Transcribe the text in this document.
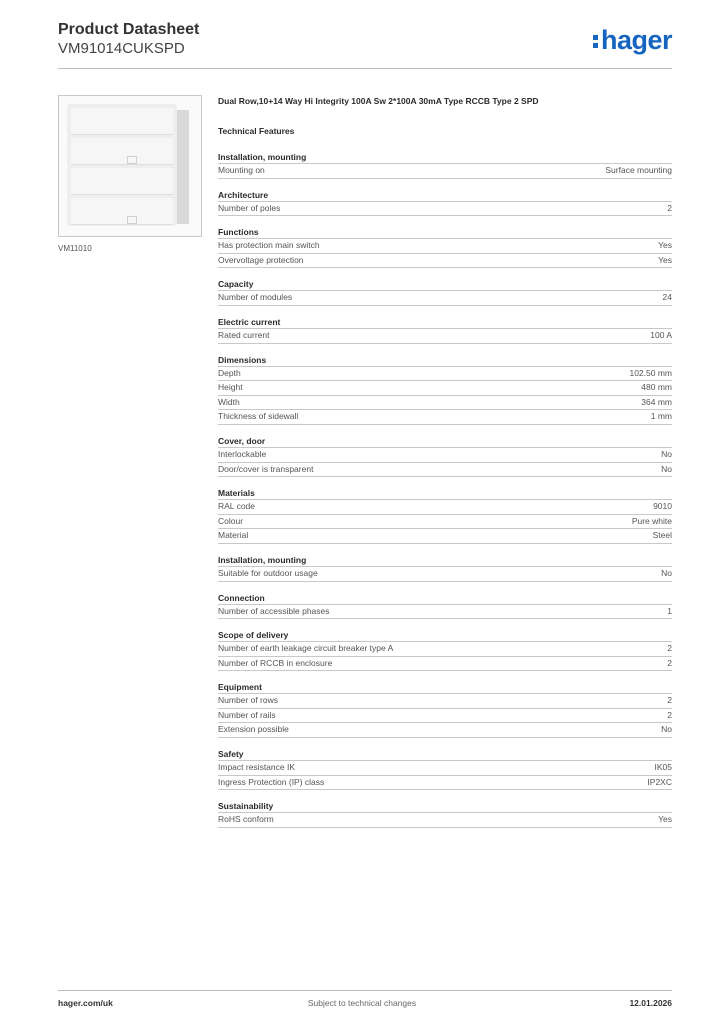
Product Datasheet
VM91014CUKSPD	hager
VM11010
Dual Row,10+14 Way Hi Integrity 100A Sw 2*100A 30mA Type RCCB Type 2 SPD
Technical Features
Installation, mounting
Mounting on	Surface mounting
Architecture
Number of poles	2
Functions
Has protection main switch	Yes
Overvoltage protection	Yes
Capacity
Number of modules	24
Electric current
Rated current	100 A
Dimensions
Depth	102.50 mm
Height	480 mm
Width	364 mm
Thickness of sidewall	1 mm
Cover, door
Interlockable	No
Door/cover is transparent	No
Materials
RAL code	9010
Colour	Pure white
Material	Steel
Installation, mounting
Suitable for outdoor usage	No
Connection
Number of accessible phases	1
Scope of delivery
Number of earth leakage circuit breaker type A	2
Number of RCCB in enclosure	2
Equipment
Number of rows	2
Number of rails	2
Extension possible	No
Safety
Impact resistance IK	IK05
Ingress Protection (IP) class	IP2XC
Sustainability
RoHS conform	Yes
hager.com/uk	Subject to technical changes	12.01.2026
